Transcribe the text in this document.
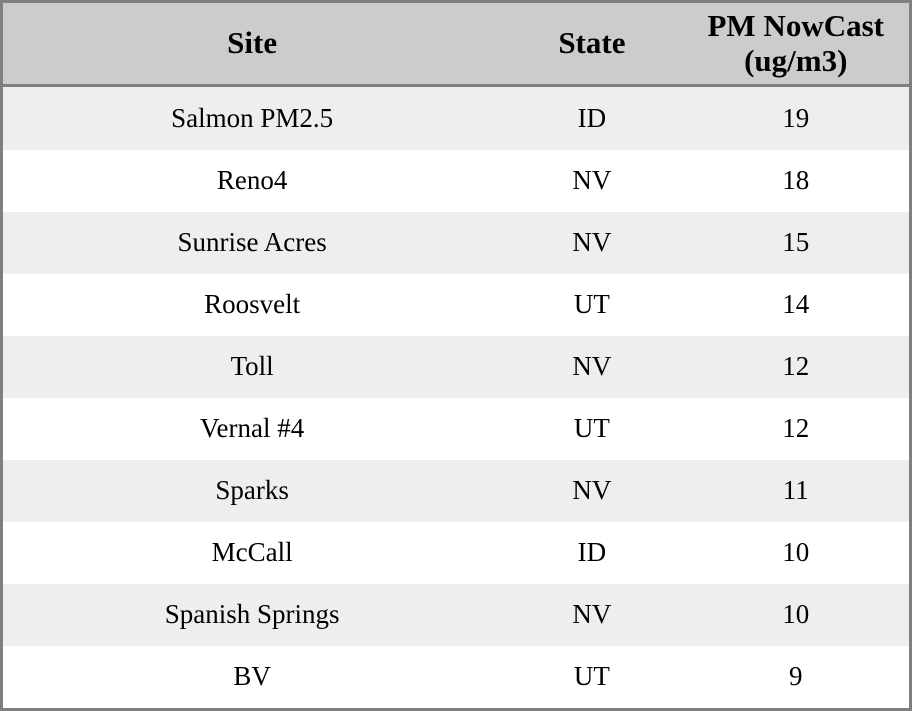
Site	State	PM NowCast (ug/m3)
Salmon PM2.5	ID	19
Reno4	NV	18
Sunrise Acres	NV	15
Roosvelt	UT	14
Toll	NV	12
Vernal #4	UT	12
Sparks	NV	11
McCall	ID	10
Spanish Springs	NV	10
BV	UT	9
